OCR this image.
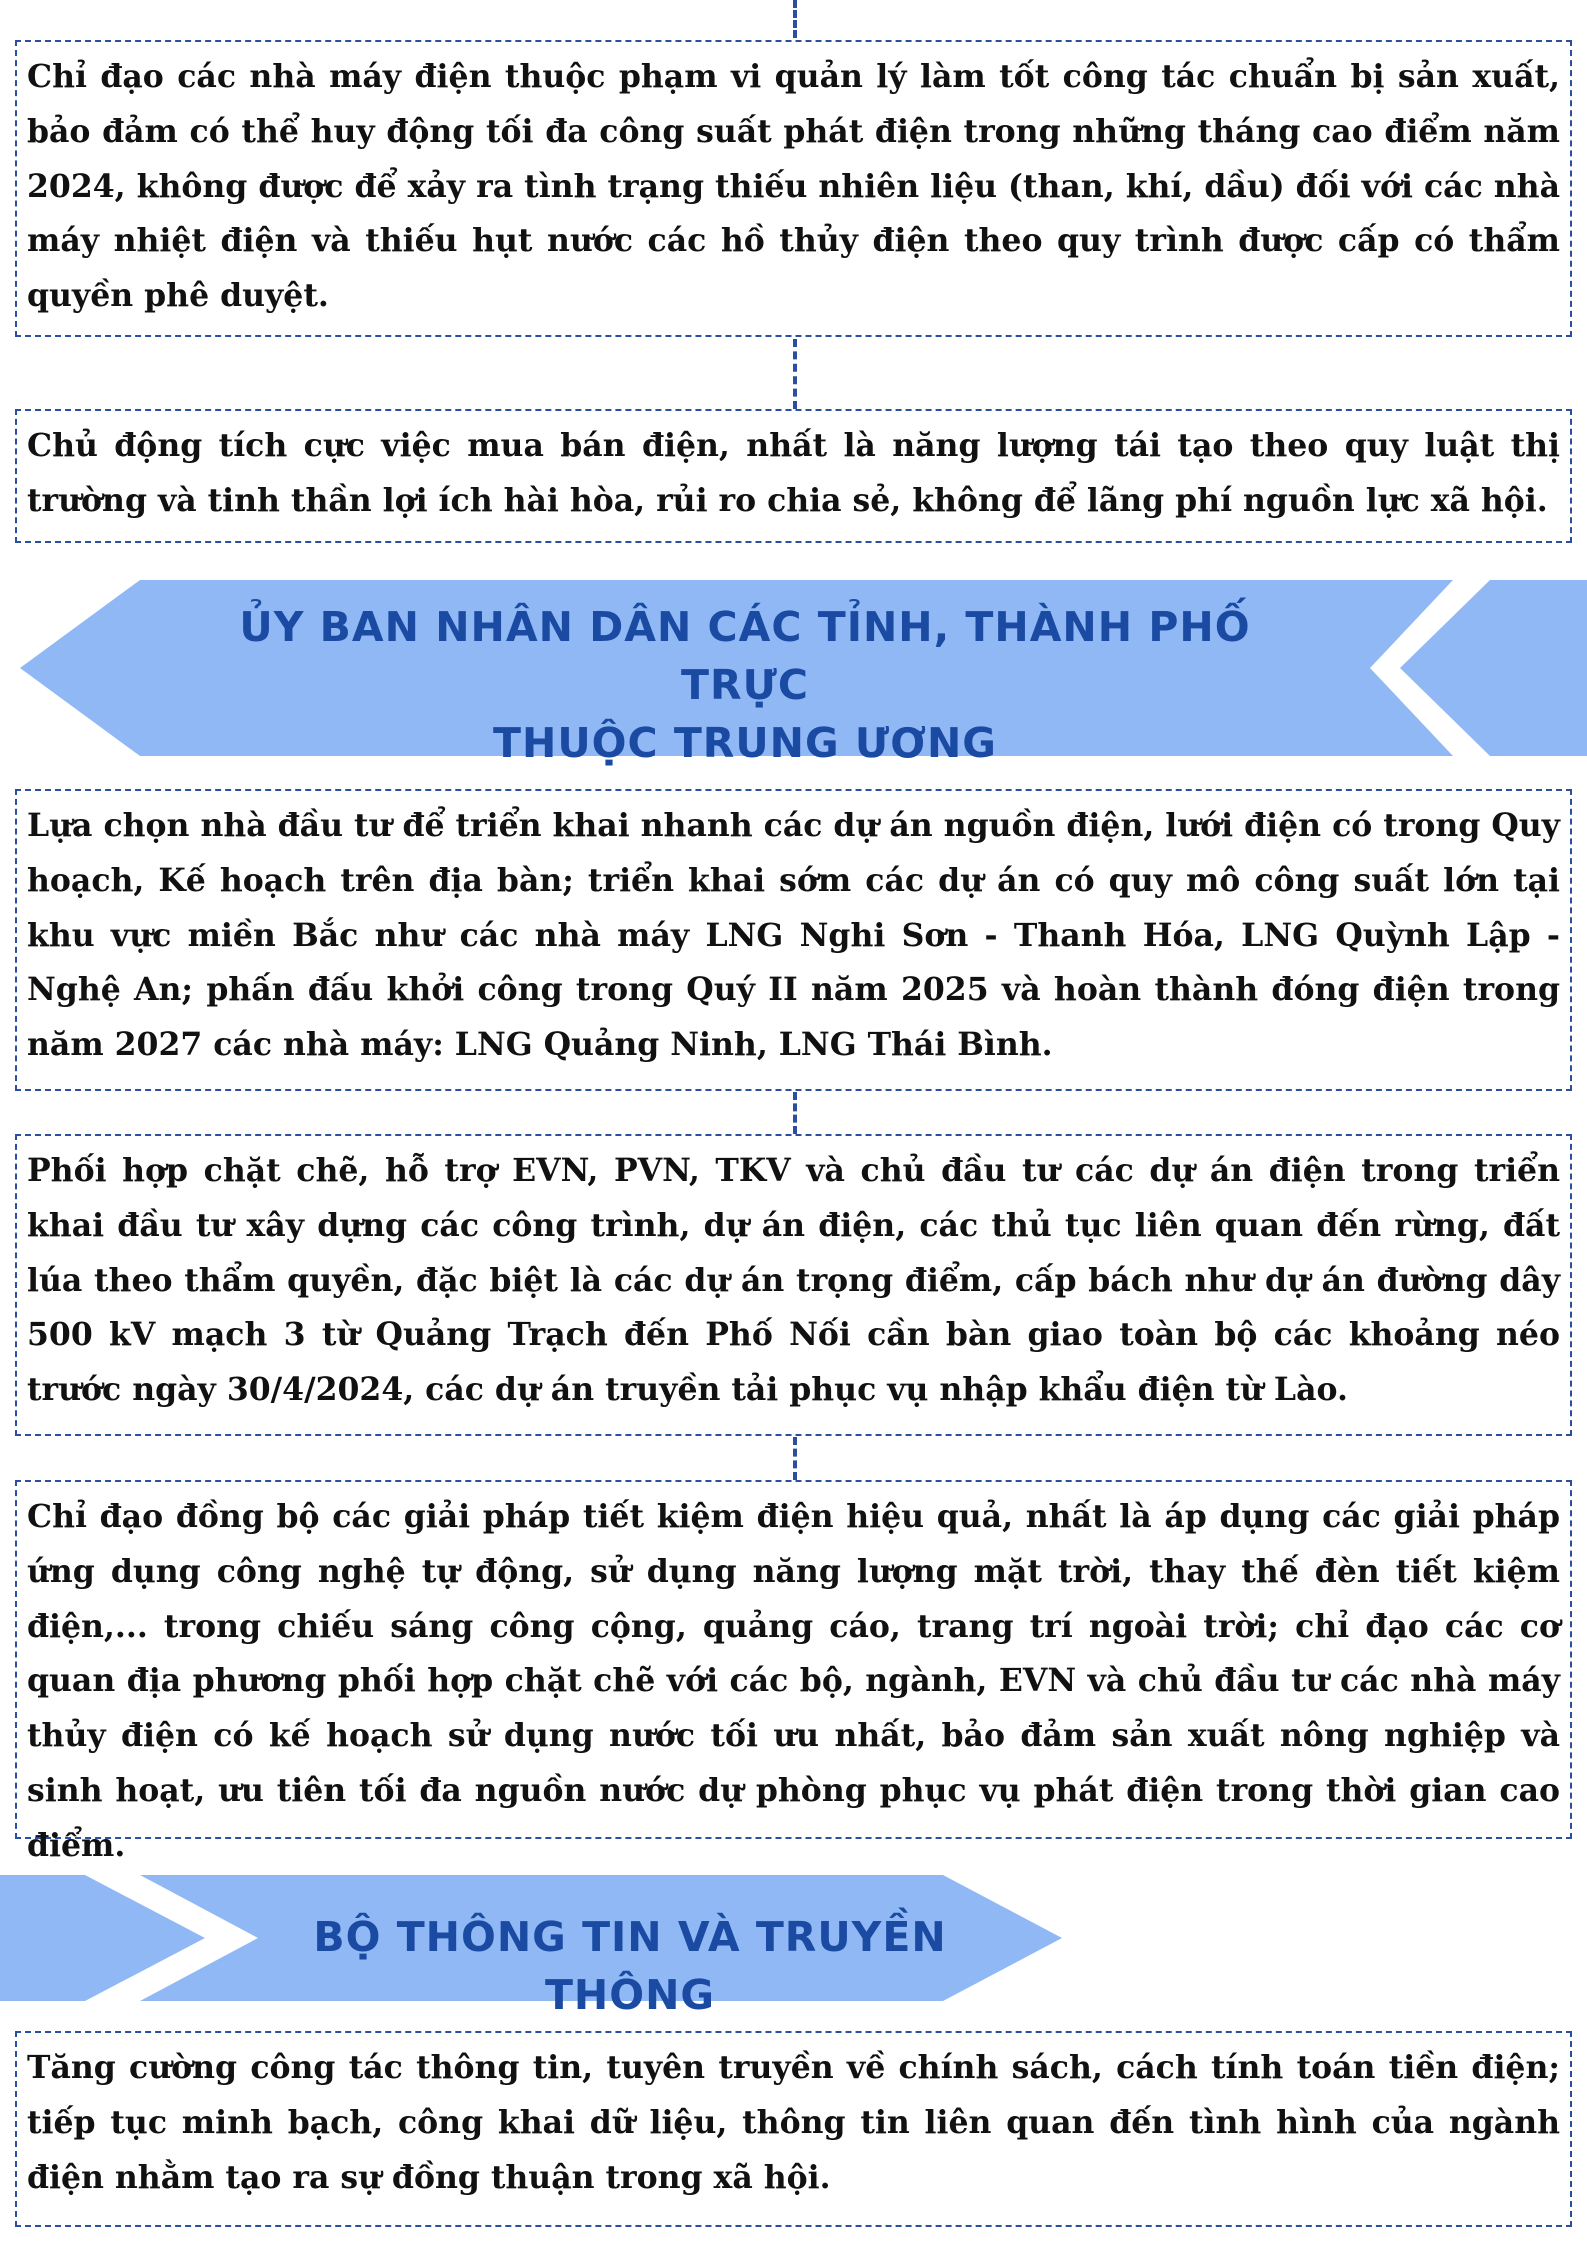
Chỉ đạo các nhà máy điện thuộc phạm vi quản lý làm tốt công tác chuẩn bị sản xuất, bảo đảm có thể huy động tối đa công suất phát điện trong những tháng cao điểm năm 2024, không được để xảy ra tình trạng thiếu nhiên liệu (than, khí, dầu) đối với các nhà máy nhiệt điện và thiếu hụt nước các hồ thủy điện theo quy trình được cấp có thẩm quyền phê duyệt.
Chủ động tích cực việc mua bán điện, nhất là năng lượng tái tạo theo quy luật thị trường và tinh thần lợi ích hài hòa, rủi ro chia sẻ, không để lãng phí nguồn lực xã hội.
ỦY BAN NHÂN DÂN CÁC TỈNH, THÀNH PHỐ TRỰC
THUỘC TRUNG ƯƠNG
Lựa chọn nhà đầu tư để triển khai nhanh các dự án nguồn điện, lưới điện có trong Quy hoạch, Kế hoạch trên địa bàn; triển khai sớm các dự án có quy mô công suất lớn tại khu vực miền Bắc như các nhà máy LNG Nghi Sơn - Thanh Hóa, LNG Quỳnh Lập - Nghệ An; phấn đấu khởi công trong Quý II năm 2025 và hoàn thành đóng điện trong năm 2027 các nhà máy: LNG Quảng Ninh, LNG Thái Bình.
Phối hợp chặt chẽ, hỗ trợ EVN, PVN, TKV và chủ đầu tư các dự án điện trong triển khai đầu tư xây dựng các công trình, dự án điện, các thủ tục liên quan đến rừng, đất lúa theo thẩm quyền, đặc biệt là các dự án trọng điểm, cấp bách như dự án đường dây 500 kV mạch 3 từ Quảng Trạch đến Phố Nối cần bàn giao toàn bộ các khoảng néo trước ngày 30/4/2024, các dự án truyền tải phục vụ nhập khẩu điện từ Lào.
Chỉ đạo đồng bộ các giải pháp tiết kiệm điện hiệu quả, nhất là áp dụng các giải pháp ứng dụng công nghệ tự động, sử dụng năng lượng mặt trời, thay thế đèn tiết kiệm điện,... trong chiếu sáng công cộng, quảng cáo, trang trí ngoài trời; chỉ đạo các cơ quan địa phương phối hợp chặt chẽ với các bộ, ngành, EVN và chủ đầu tư các nhà máy thủy điện có kế hoạch sử dụng nước tối ưu nhất, bảo đảm sản xuất nông nghiệp và sinh hoạt, ưu tiên tối đa nguồn nước dự phòng phục vụ phát điện trong thời gian cao điểm.
BỘ THÔNG TIN VÀ TRUYỀN THÔNG
Tăng cường công tác thông tin, tuyên truyền về chính sách, cách tính toán tiền điện; tiếp tục minh bạch, công khai dữ liệu, thông tin liên quan đến tình hình của ngành điện nhằm tạo ra sự đồng thuận trong xã hội.
